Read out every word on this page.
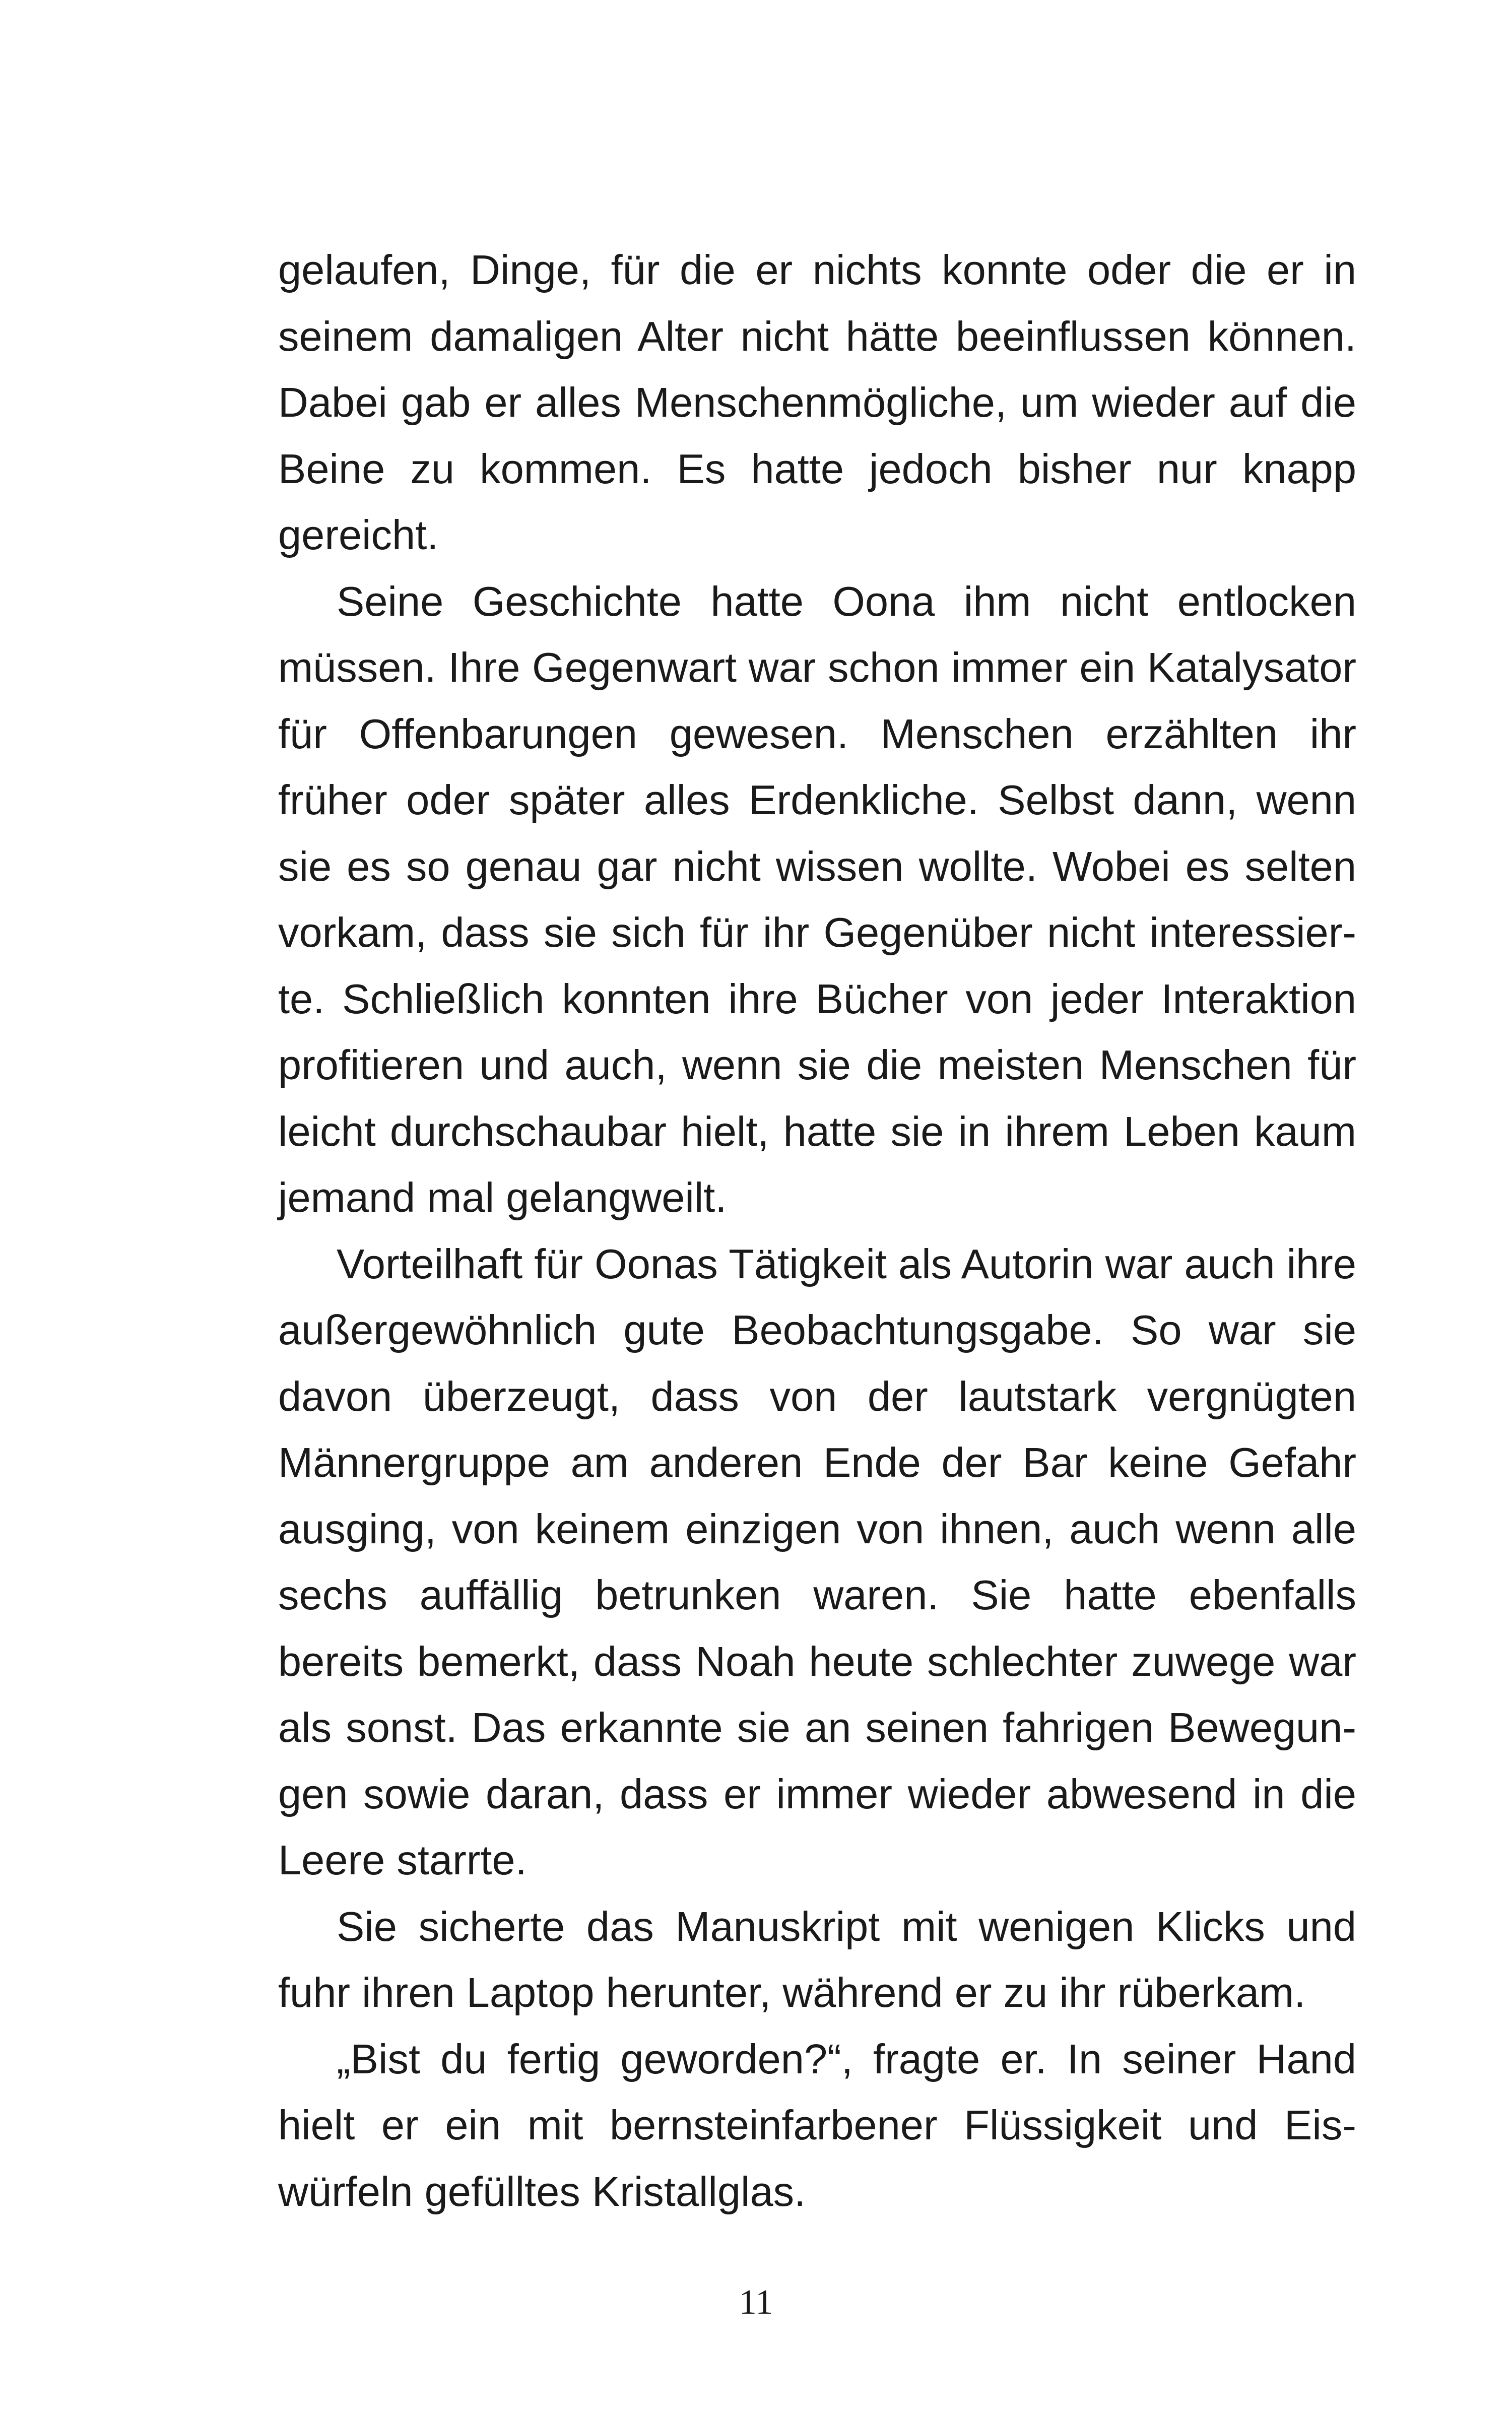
gelaufen, Dinge, für die er nichts konnte oder die er in seinem damaligen Alter nicht hätte beeinflussen können. Dabei gab er alles Menschenmögliche, um wieder auf die Beine zu kommen. Es hatte jedoch bisher nur knapp gereicht.

Seine Geschichte hatte Oona ihm nicht entlocken müssen. Ihre Gegenwart war schon immer ein Katalysator für Offenbarungen gewesen. Menschen erzählten ihr früher oder später alles Erdenkliche. Selbst dann, wenn sie es so genau gar nicht wissen wollte. Wobei es selten vorkam, dass sie sich für ihr Gegenüber nicht interessierte. Schließlich konnten ihre Bücher von jeder Interaktion profitieren und auch, wenn sie die meisten Menschen für leicht durchschaubar hielt, hatte sie in ihrem Leben kaum jemand mal gelangweilt.

Vorteilhaft für Oonas Tätigkeit als Autorin war auch ihre außergewöhnlich gute Beobachtungsgabe. So war sie davon überzeugt, dass von der lautstark vergnügten Männergruppe am anderen Ende der Bar keine Gefahr ausging, von keinem einzigen von ihnen, auch wenn alle sechs auffällig betrunken waren. Sie hatte ebenfalls bereits bemerkt, dass Noah heute schlechter zuwege war als sonst. Das erkannte sie an seinen fahrigen Bewegungen sowie daran, dass er immer wieder abwesend in die Leere starrte.

Sie sicherte das Manuskript mit wenigen Klicks und fuhr ihren Laptop herunter, während er zu ihr rüberkam.

„Bist du fertig geworden?“, fragte er. In seiner Hand hielt er ein mit bernsteinfarbener Flüssigkeit und Eiswürfeln gefülltes Kristallglas.

11
